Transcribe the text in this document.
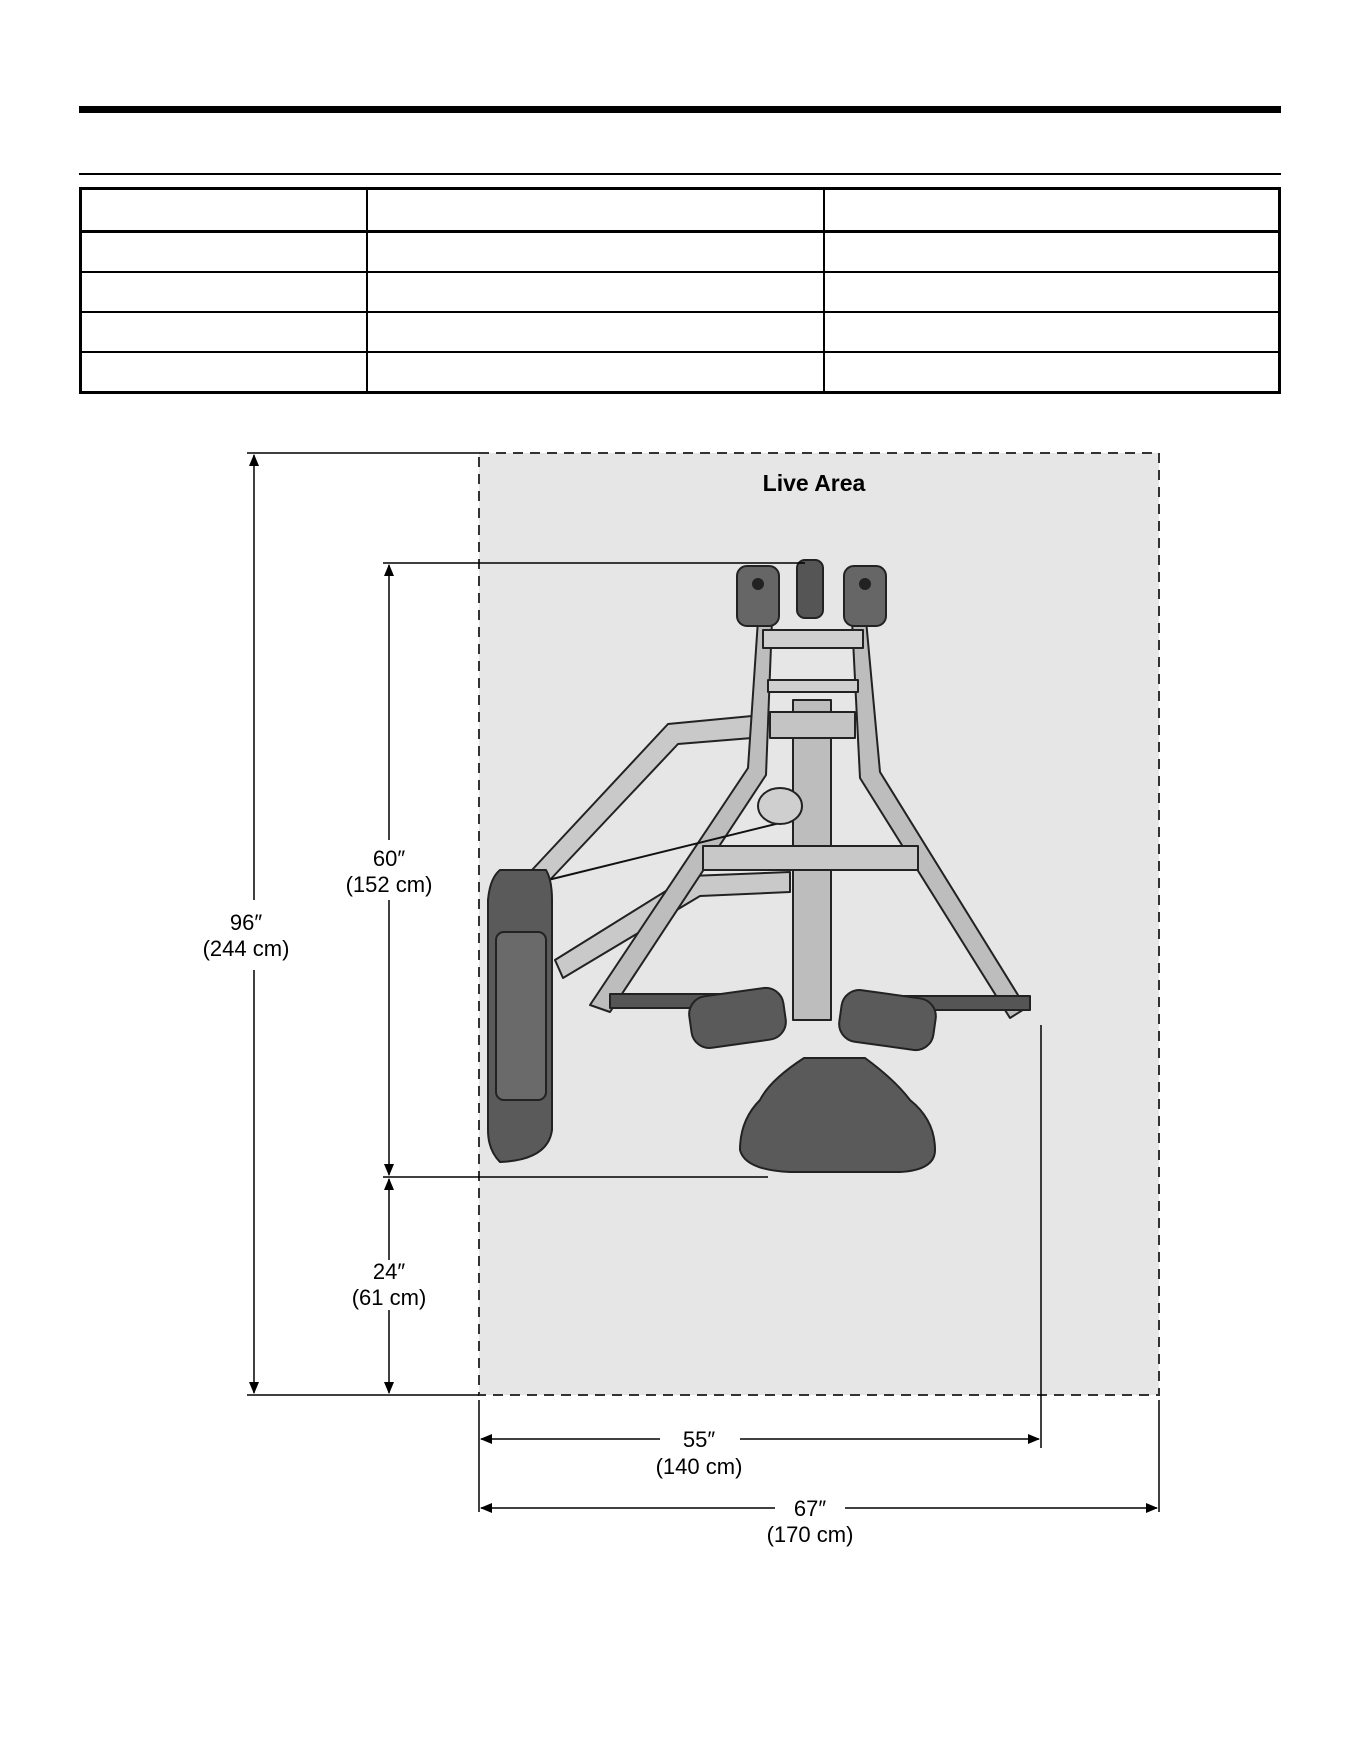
Live Area
96″
(244 cm)
60″
(152 cm)
24″
(61 cm)
55″
(140 cm)
67″
(170 cm)
